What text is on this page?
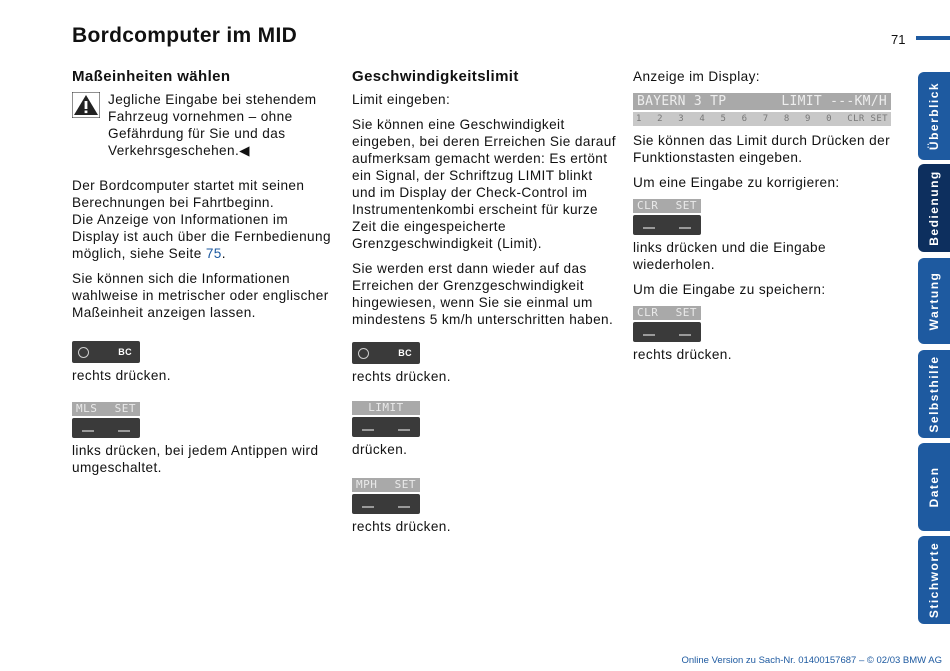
Bordcomputer im MID	71
Maßeinheiten wählen

Jegliche Eingabe bei stehendem Fahrzeug vornehmen – ohne Gefährdung für Sie und das Verkehrsgeschehen.◀

Der Bordcomputer startet mit seinen Berechnungen bei Fahrtbeginn.

Die Anzeige von Informationen im Display ist auch über die Fernbedienung möglich, siehe Seite 75.

Sie können sich die Informationen wahlweise in metrischer oder englischer Maßeinheit anzeigen lassen.

BC

rechts drücken.

MLS SET

links drücken, bei jedem Antippen wird umgeschaltet.

Geschwindigkeitslimit

Limit eingeben:

Sie können eine Geschwindigkeit eingeben, bei deren Erreichen Sie darauf aufmerksam gemacht werden: Es ertönt ein Signal, der Schriftzug LIMIT blinkt und im Display der Check-Control im Instrumentenkombi erscheint für kurze Zeit die eingespeicherte Grenzgeschwindigkeit (Limit).

Sie werden erst dann wieder auf das Erreichen der Grenzgeschwindigkeit hingewiesen, wenn Sie sie einmal um mindestens 5 km/h unterschritten haben.

BC

rechts drücken.

LIMIT

drücken.

MPH SET

rechts drücken.

Anzeige im Display:

BAYERN 3 TP	LIMIT ---KM/H
1 2 3 4 5 6 7 8 9 0 CLR SET

Sie können das Limit durch Drücken der Funktionstasten eingeben.

Um eine Eingabe zu korrigieren:

CLR SET

links drücken und die Eingabe wiederholen.

Um die Eingabe zu speichern:

CLR SET

rechts drücken.

Überblick
Bedienung
Wartung
Selbsthilfe
Daten
Stichworte
Online Version zu Sach-Nr. 01400157687 – © 02/03 BMW AG
